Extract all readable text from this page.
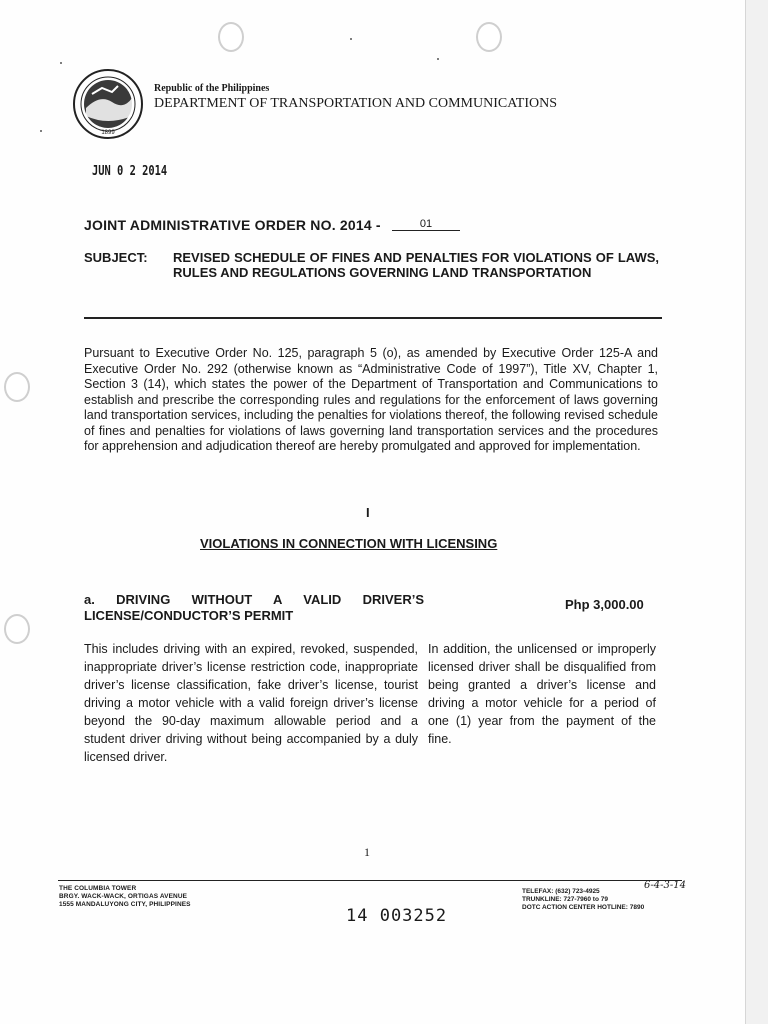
1899
Republic of the Philippines
DEPARTMENT OF TRANSPORTATION AND COMMUNICATIONS
JUN 0 2 2014
JOINT ADMINISTRATIVE ORDER NO. 2014 -	01
SUBJECT: REVISED SCHEDULE OF FINES AND PENALTIES FOR VIOLATIONS OF LAWS, RULES AND REGULATIONS GOVERNING LAND TRANSPORTATION
Pursuant to Executive Order No. 125, paragraph 5 (o), as amended by Executive Order 125-A and Executive Order No. 292 (otherwise known as “Administrative Code of 1997”), Title XV, Chapter 1, Section 3 (14), which states the power of the Department of Transportation and Communications to establish and prescribe the corresponding rules and regulations for the enforcement of laws governing land transportation services, including the penalties for violations thereof, the following revised schedule of fines and penalties for violations of laws governing land transportation services and the procedures for apprehension and adjudication thereof are hereby promulgated and approved for implementation.
I
VIOLATIONS IN CONNECTION WITH LICENSING
a. DRIVING WITHOUT A VALID DRIVER’S LICENSE/CONDUCTOR’S PERMIT
Php 3,000.00
This includes driving with an expired, revoked, suspended, inappropriate driver’s license restriction code, inappropriate driver’s license classification, fake driver’s license, tourist driving a motor vehicle with a valid foreign driver’s license beyond the 90-day maximum allowable period and a student driver driving without being accompanied by a duly licensed driver.
In addition, the unlicensed or improperly licensed driver shall be disqualified from being granted a driver’s license and driving a motor vehicle for a period of one (1) year from the payment of the fine.
1
THE COLUMBIA TOWER
BRGY. WACK-WACK, ORTIGAS AVENUE
1555 MANDALUYONG CITY, PHILIPPINES
TELEFAX: (632) 723-4925
TRUNKLINE: 727-7960 to 79
DOTC ACTION CENTER HOTLINE: 7890
6-4-3-14
14 003252
